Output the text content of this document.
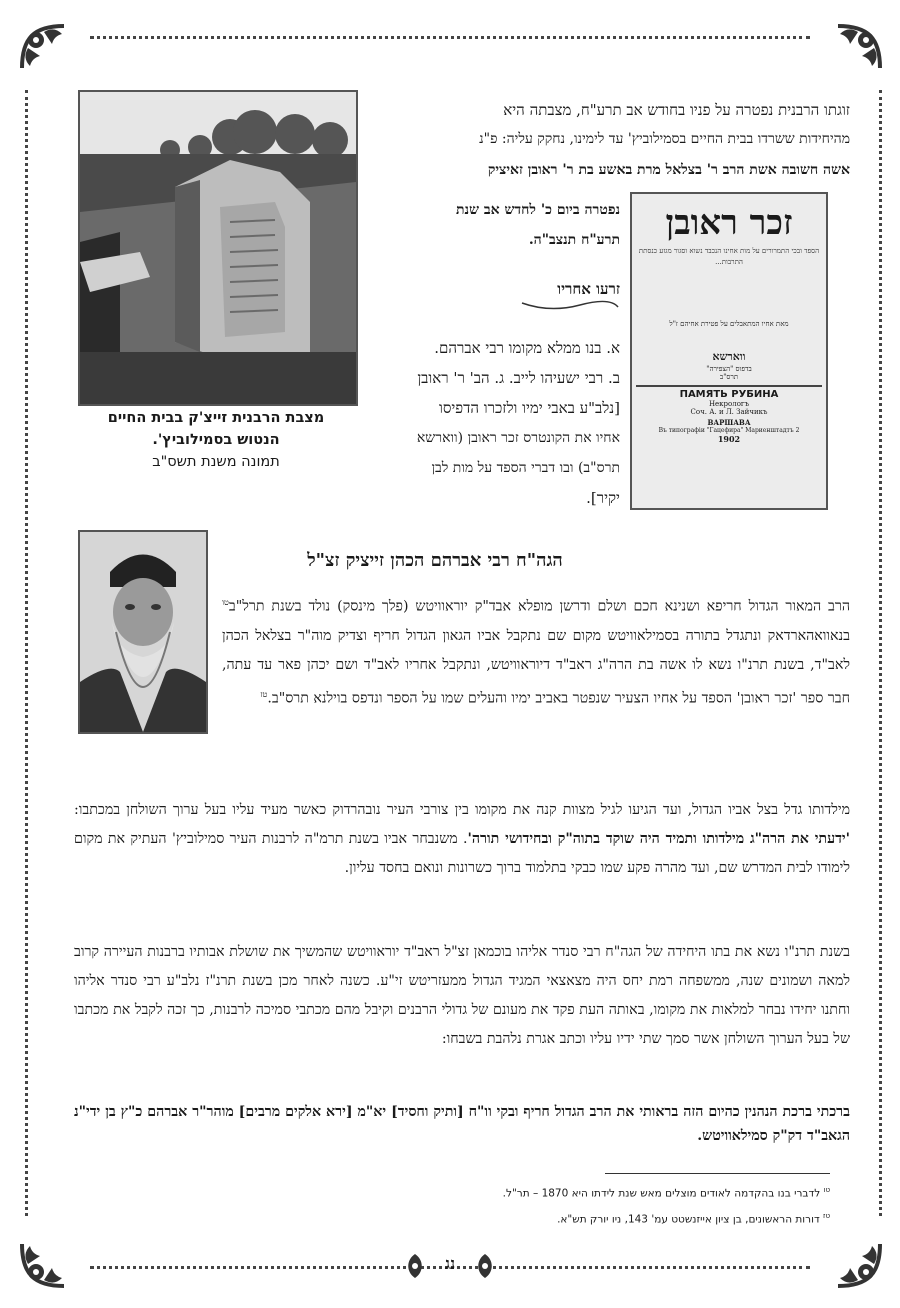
נג
מצבת הרבנית זייצ'ק בבית החיים
הנטוש בסמילוביץ'.
תמונה משנת תשס"ב
זוגתו הרבנית נפטרה על פניו בחודש אב תרע"ח, מצבתה היא
מהיחידות ששרדו בבית החיים בסמילוביץ' עד לימינו, נחקק עליה: פ"נ
אשה חשובה אשת הרב ר' בצלאל מרת באשע בת ר' ראובן זאיציק
זכר ראובן
הספד ובכי התמרורים על מות אחינו הנכבד נשוא וסגור מגזע כנסתת התרבות...
מאת אחיו המתאבלים על פטירת אחיהם ז"ל
ווארשא
בדפוס "הצפירה"
תרס"ב
ПАМЯТЬ РУБИНА
Некрологъ
Соч. А. и Л. Зайчикъ
ВАРШАВА
Въ типографіи "Гацефира" Мариенштадтъ 2
1902
נפטרה ביום כ' לחדש אב שנת
תרע"ח תנצב"ה.
זרעו אחריו
א. בנו ממלא מקומו רבי אברהם.
ב. רבי ישעיהו לייב. ג. הב' ר' ראובן
[נלב"ע באבי ימיו ולזכרו הדפיסו
אחיו את הקונטרס זכר ראובן (ווארשא
תרס"ב) ובו דברי הספד על מות לבן
יקיר].
הגה"ח רבי אברהם הכהן זייציק זצ"ל
הרב המאור הגדול חריפא ושנינא חכם ושלם ודרשן מופלא אבד"ק יוראוויטש (פלך מינסק) נולד בשנת תרל"ב$^{טו}$ בנאוואהארדאק ונתגדל בתורה בסמילאוויטש מקום שם נתקבל אביו הגאון הגדול חריף וצדיק מוה"ר בצלאל הכהן לאב"ד, בשנת תרנ"ו נשא לו אשה בת הרה"ג ראב"ד דיוראוויטש, ונתקבל אחריו לאב"ד ושם יכהן פאר עד עתה, חבר ספר 'זכר ראובן' הספד על אחיו הצעיר שנפטר באביב ימיו והעלים שמו על הספר ונדפס בוילנא תרס"ב.$^{טז}$
מילדותו גדל בצל אביו הגדול, ועד הגיעו לגיל מצוות קנה את מקומו בין צורבי העיר נובהרדוק כאשר מעיד עליו בעל ערוך השולחן במכתבו: 'ידעתי את הרה"ג מילדותו ותמיד היה שוקד בתוה"ק ובחידושי תורה'. משנבחר אביו בשנת תרמ"ה לרבנות העיר סמילוביץ' העתיק את מקום לימודו לבית המדרש שם, ועד מהרה פקע שמו כבקי בתלמוד ברוך כשרונות ונואם בחסד עליון.
בשנת תרנ"ו נשא את בתו היחידה של הגה"ח רבי סנדר אליהו בוכמאן זצ"ל ראב"ד יוראוויטש שהמשיך את שושלת אבותיו ברבנות העיירה קרוב למאה ושמונים שנה, ממשפחה רמת יחס היה מצאצאי המגיד הגדול ממעזריטש זי"ע. כשנה לאחר מכן בשנת תרנ"ז נלב"ע רבי סנדר אליהו וחתנו יחידו נבחר למלאות את מקומו, באותה העת פקד את מעונם של גדולי הרבנים וקיבל מהם מכתבי סמיכה לרבנות, כך זכה לקבל את מכתבו של בעל הערוך השולחן אשר סמך שתי ידיו עליו וכתב אגרת נלהבת בשבחו:
ברכתי ברכת הנהנין כהיום הזה בראותי את הרב הגדול חריף ובקי וו"ח [ותיק וחסיד] יא"מ [ירא אלקים מרבים] מוהר"ר אברהם כ"ץ בן ידי"נ הגאב"ד דק"ק סמילאוויטש.
$^{טו}$ לדברי בנו בהקדמה לאודים מוצלים מאש שנת לידתו היא 1870 – תר"ל.
$^{טז}$ דורות הראשונים, בן ציון אייזנשטט עמ' 143, ניו יורק תש"א.
